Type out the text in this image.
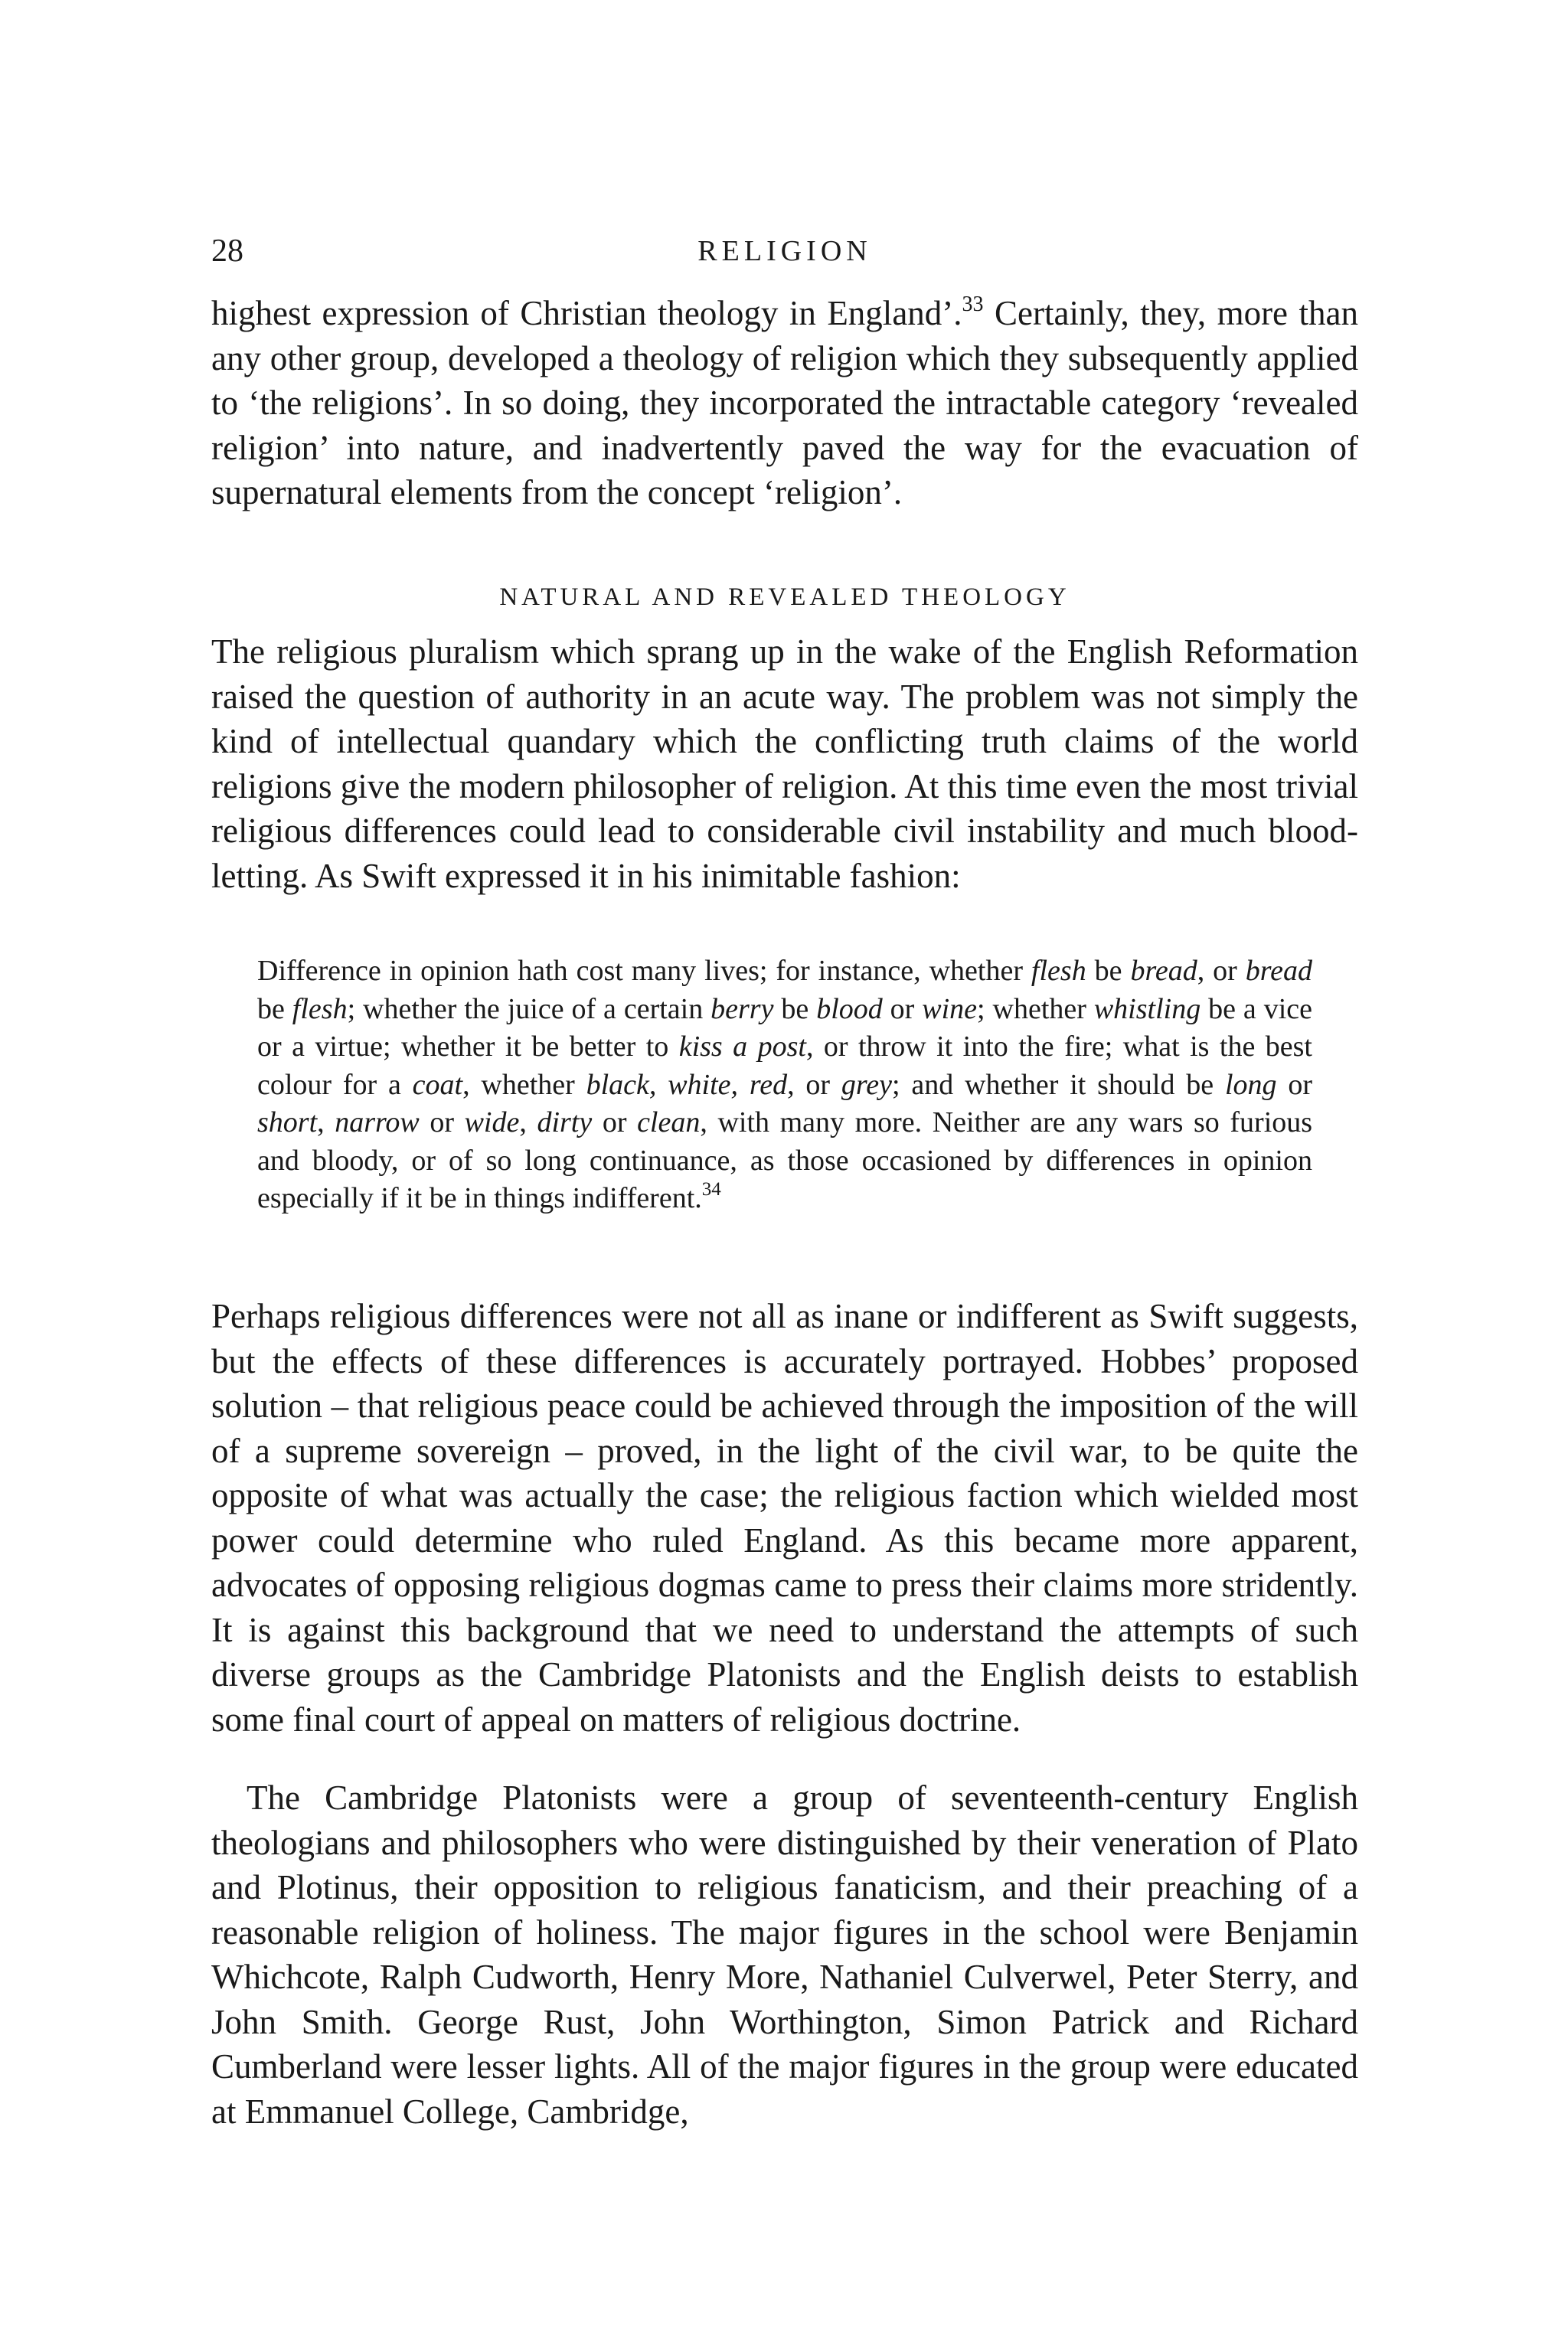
28	RELIGION

highest expression of Christian theology in England’.$^{33}$ Certainly, they, more than any other group, developed a theology of religion which they subsequently applied to ‘the religions’. In so doing, they incorporated the intractable category ‘revealed religion’ into nature, and inadvertently paved the way for the evacuation of supernatural elements from the concept ‘religion’.

NATURAL AND REVEALED THEOLOGY

The religious pluralism which sprang up in the wake of the English Reformation raised the question of authority in an acute way. The problem was not simply the kind of intellectual quandary which the conflicting truth claims of the world religions give the modern philosopher of religion. At this time even the most trivial religious differences could lead to considerable civil instability and much blood-letting. As Swift expressed it in his inimitable fashion:

Difference in opinion hath cost many lives; for instance, whether flesh be bread, or bread be flesh; whether the juice of a certain berry be blood or wine; whether whistling be a vice or a virtue; whether it be better to kiss a post, or throw it into the fire; what is the best colour for a coat, whether black, white, red, or grey; and whether it should be long or short, narrow or wide, dirty or clean, with many more. Neither are any wars so furious and bloody, or of so long continuance, as those occasioned by differences in opinion especially if it be in things indifferent.$^{34}$

Perhaps religious differences were not all as inane or indifferent as Swift suggests, but the effects of these differences is accurately portrayed. Hobbes’ proposed solution – that religious peace could be achieved through the imposition of the will of a supreme sovereign – proved, in the light of the civil war, to be quite the opposite of what was actually the case; the religious faction which wielded most power could determine who ruled England. As this became more apparent, advocates of opposing religious dogmas came to press their claims more stridently. It is against this background that we need to understand the attempts of such diverse groups as the Cambridge Platonists and the English deists to establish some final court of appeal on matters of religious doctrine.

The Cambridge Platonists were a group of seventeenth-century English theologians and philosophers who were distinguished by their veneration of Plato and Plotinus, their opposition to religious fanaticism, and their preaching of a reasonable religion of holiness. The major figures in the school were Benjamin Whichcote, Ralph Cudworth, Henry More, Nathaniel Culverwel, Peter Sterry, and John Smith. George Rust, John Worthington, Simon Patrick and Richard Cumberland were lesser lights. All of the major figures in the group were educated at Emmanuel College, Cambridge,
